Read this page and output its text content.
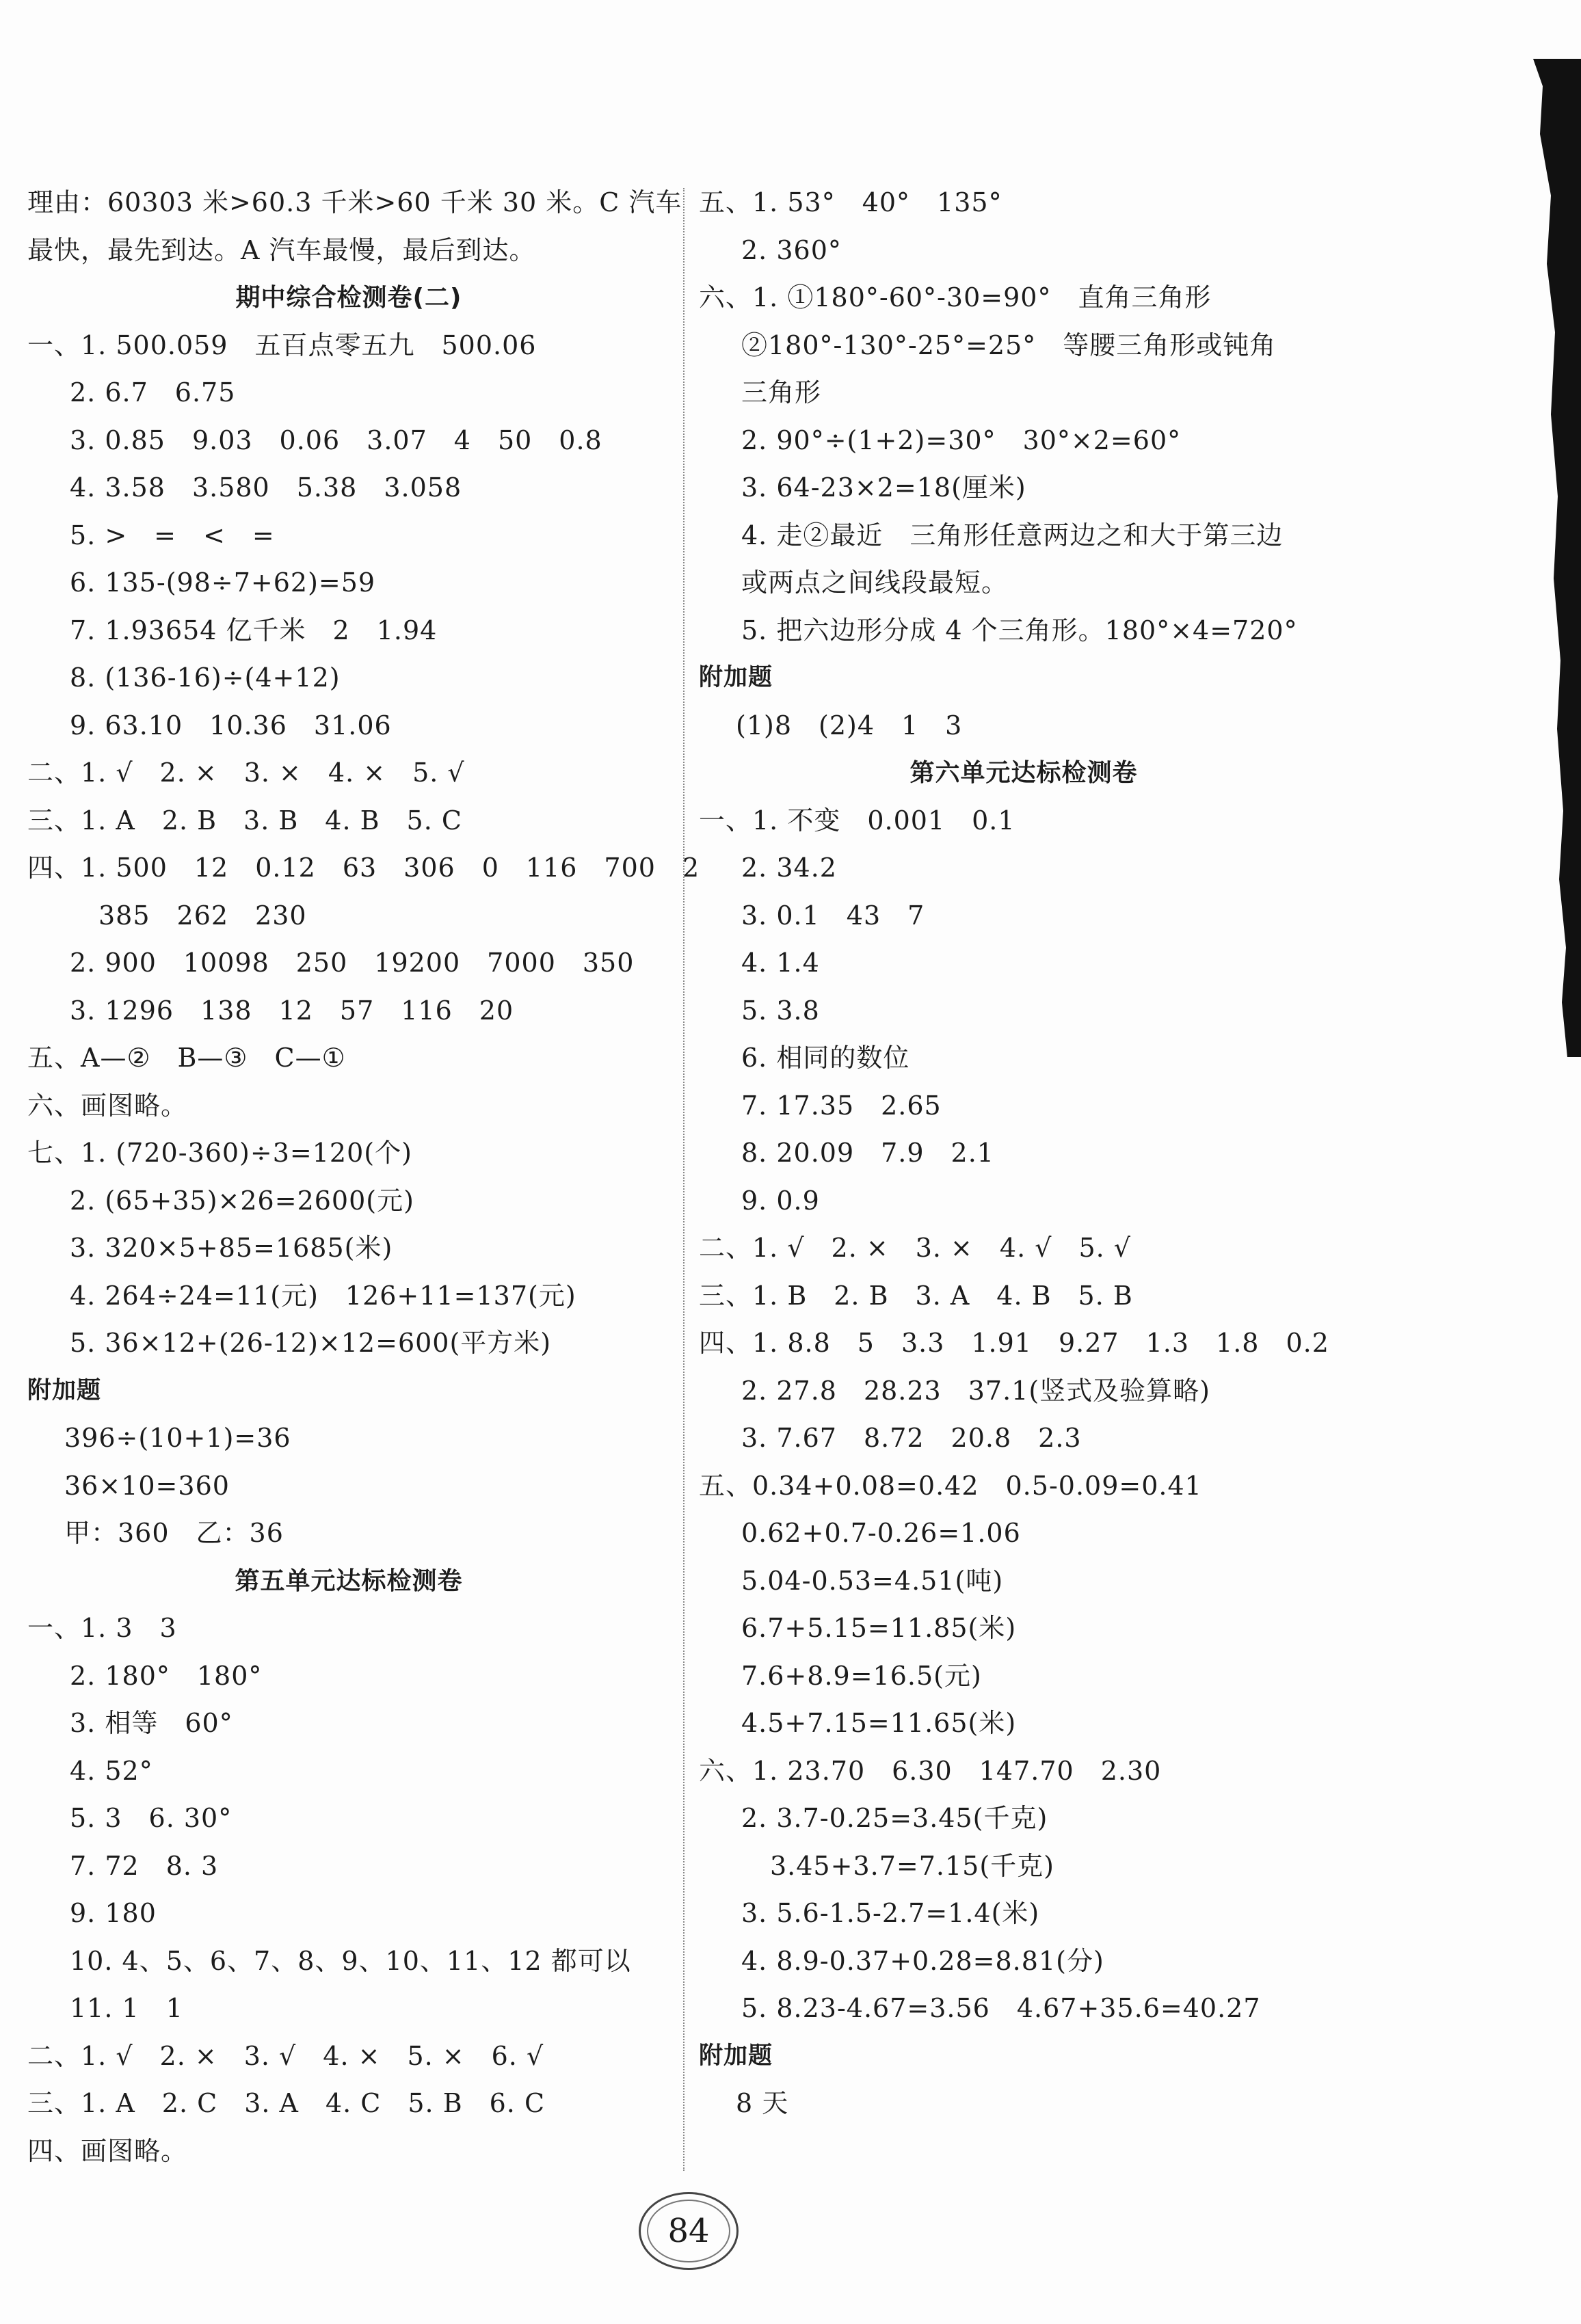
理由：60303 米>60.3 千米>60 千米 30 米。C 汽车
最快，最先到达。A 汽车最慢，最后到达。
期中综合检测卷(二)
一、1. 500.059　五百点零五九　500.06
2. 6.7　6.75
3. 0.85　9.03　0.06　3.07　4　50　0.8
4. 3.58　3.580　5.38　3.058
5. >　=　<　=
6. 135-(98÷7+62)=59
7. 1.93654 亿千米　2　1.94
8. (136-16)÷(4+12)
9. 63.10　10.36　31.06
二、1. √　2. ×　3. ×　4. ×　5. √
三、1. A　2. B　3. B　4. B　5. C
四、1. 500　12　0.12　63　306　0　116　700　2
385　262　230
2. 900　10098　250　19200　7000　350
3. 1296　138　12　57　116　20
五、A—②　B—③　C—①
六、画图略。
七、1. (720-360)÷3=120(个)
2. (65+35)×26=2600(元)
3. 320×5+85=1685(米)
4. 264÷24=11(元)　126+11=137(元)
5. 36×12+(26-12)×12=600(平方米)
附加题
396÷(10+1)=36
36×10=360
甲：360　乙：36
第五单元达标检测卷
一、1. 3　3
2. 180°　180°
3. 相等　60°
4. 52°
5. 3　6. 30°
7. 72　8. 3
9. 180
10. 4、5、6、7、8、9、10、11、12 都可以
11. 1　1
二、1. √　2. ×　3. √　4. ×　5. ×　6. √
三、1. A　2. C　3. A　4. C　5. B　6. C
四、画图略。
五、1. 53°　40°　135°
2. 360°
六、1. ①180°-60°-30=90°　直角三角形
②180°-130°-25°=25°　等腰三角形或钝角
三角形
2. 90°÷(1+2)=30°　30°×2=60°
3. 64-23×2=18(厘米)
4. 走②最近　三角形任意两边之和大于第三边
或两点之间线段最短。
5. 把六边形分成 4 个三角形。180°×4=720°
附加题
(1)8　(2)4　1　3
第六单元达标检测卷
一、1. 不变　0.001　0.1
2. 34.2
3. 0.1　43　7
4. 1.4
5. 3.8
6. 相同的数位
7. 17.35　2.65
8. 20.09　7.9　2.1
9. 0.9
二、1. √　2. ×　3. ×　4. √　5. √
三、1. B　2. B　3. A　4. B　5. B
四、1. 8.8　5　3.3　1.91　9.27　1.3　1.8　0.2
2. 27.8　28.23　37.1(竖式及验算略)
3. 7.67　8.72　20.8　2.3
五、0.34+0.08=0.42　0.5-0.09=0.41
0.62+0.7-0.26=1.06
5.04-0.53=4.51(吨)
6.7+5.15=11.85(米)
7.6+8.9=16.5(元)
4.5+7.15=11.65(米)
六、1. 23.70　6.30　147.70　2.30
2. 3.7-0.25=3.45(千克)
3.45+3.7=7.15(千克)
3. 5.6-1.5-2.7=1.4(米)
4. 8.9-0.37+0.28=8.81(分)
5. 8.23-4.67=3.56　4.67+35.6=40.27
附加题
8 天
84
